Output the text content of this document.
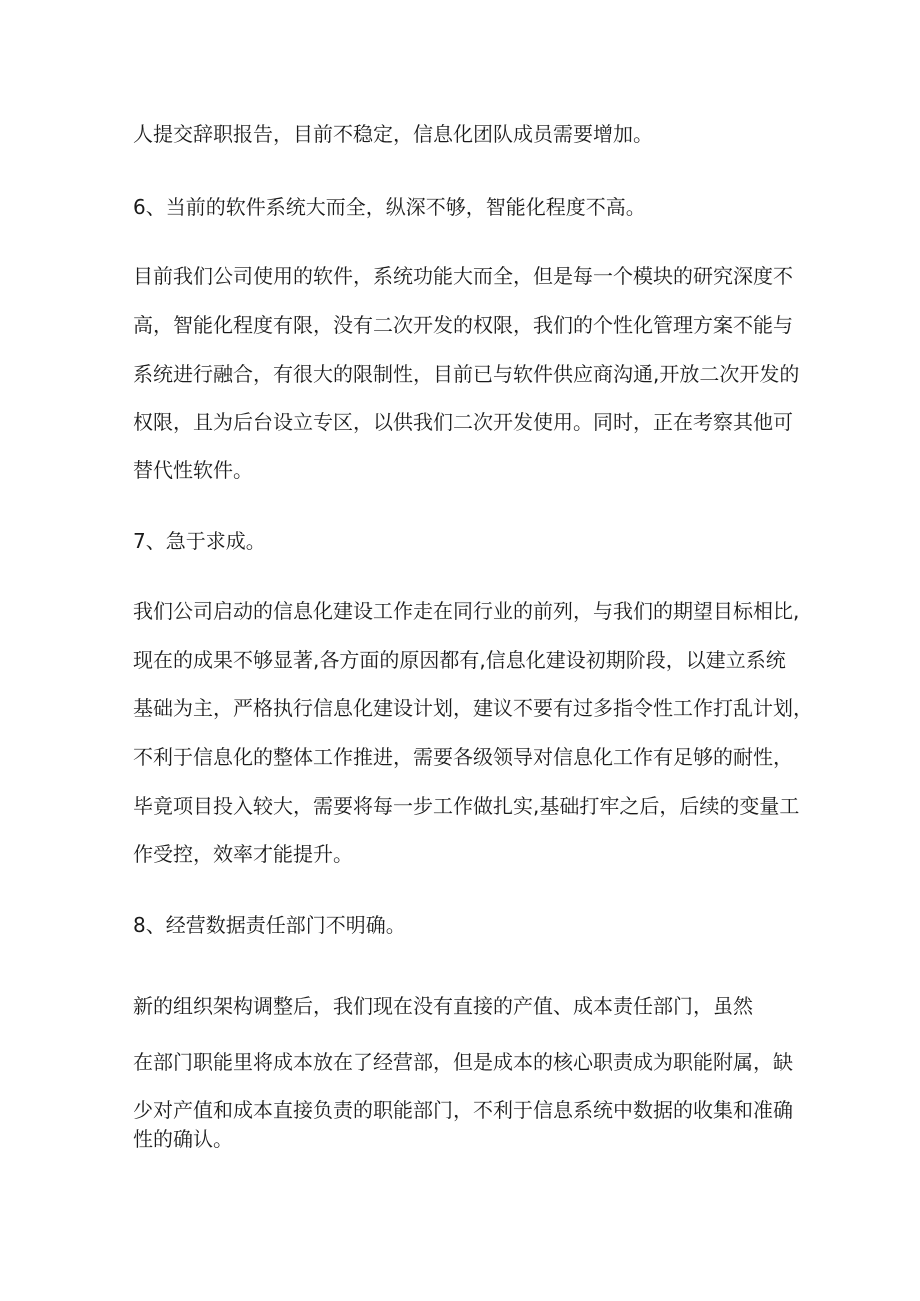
人提交辞职报告，目前不稳定，信息化团队成员需要增加。

6、当前的软件系统大而全，纵深不够，智能化程度不高。

目前我们公司使用的软件，系统功能大而全，但是每一个模块的研究深度不

高，智能化程度有限，没有二次开发的权限，我们的个性化管理方案不能与

系统进行融合，有很大的限制性，目前已与软件供应商沟通,开放二次开发的

权限，且为后台设立专区，以供我们二次开发使用。同时，正在考察其他可

替代性软件。

7、急于求成。

我们公司启动的信息化建设工作走在同行业的前列，与我们的期望目标相比,

现在的成果不够显著,各方面的原因都有,信息化建设初期阶段，以建立系统

基础为主，严格执行信息化建设计划，建议不要有过多指令性工作打乱计划，

不利于信息化的整体工作推进，需要各级领导对信息化工作有足够的耐性，

毕竟项目投入较大，需要将每一步工作做扎实,基础打牢之后，后续的变量工

作受控，效率才能提升。

8、经营数据责任部门不明确。

新的组织架构调整后，我们现在没有直接的产值、成本责任部门，虽然

在部门职能里将成本放在了经营部，但是成本的核心职责成为职能附属，缺

少对产值和成本直接负责的职能部门，不利于信息系统中数据的收集和准确

性的确认。
